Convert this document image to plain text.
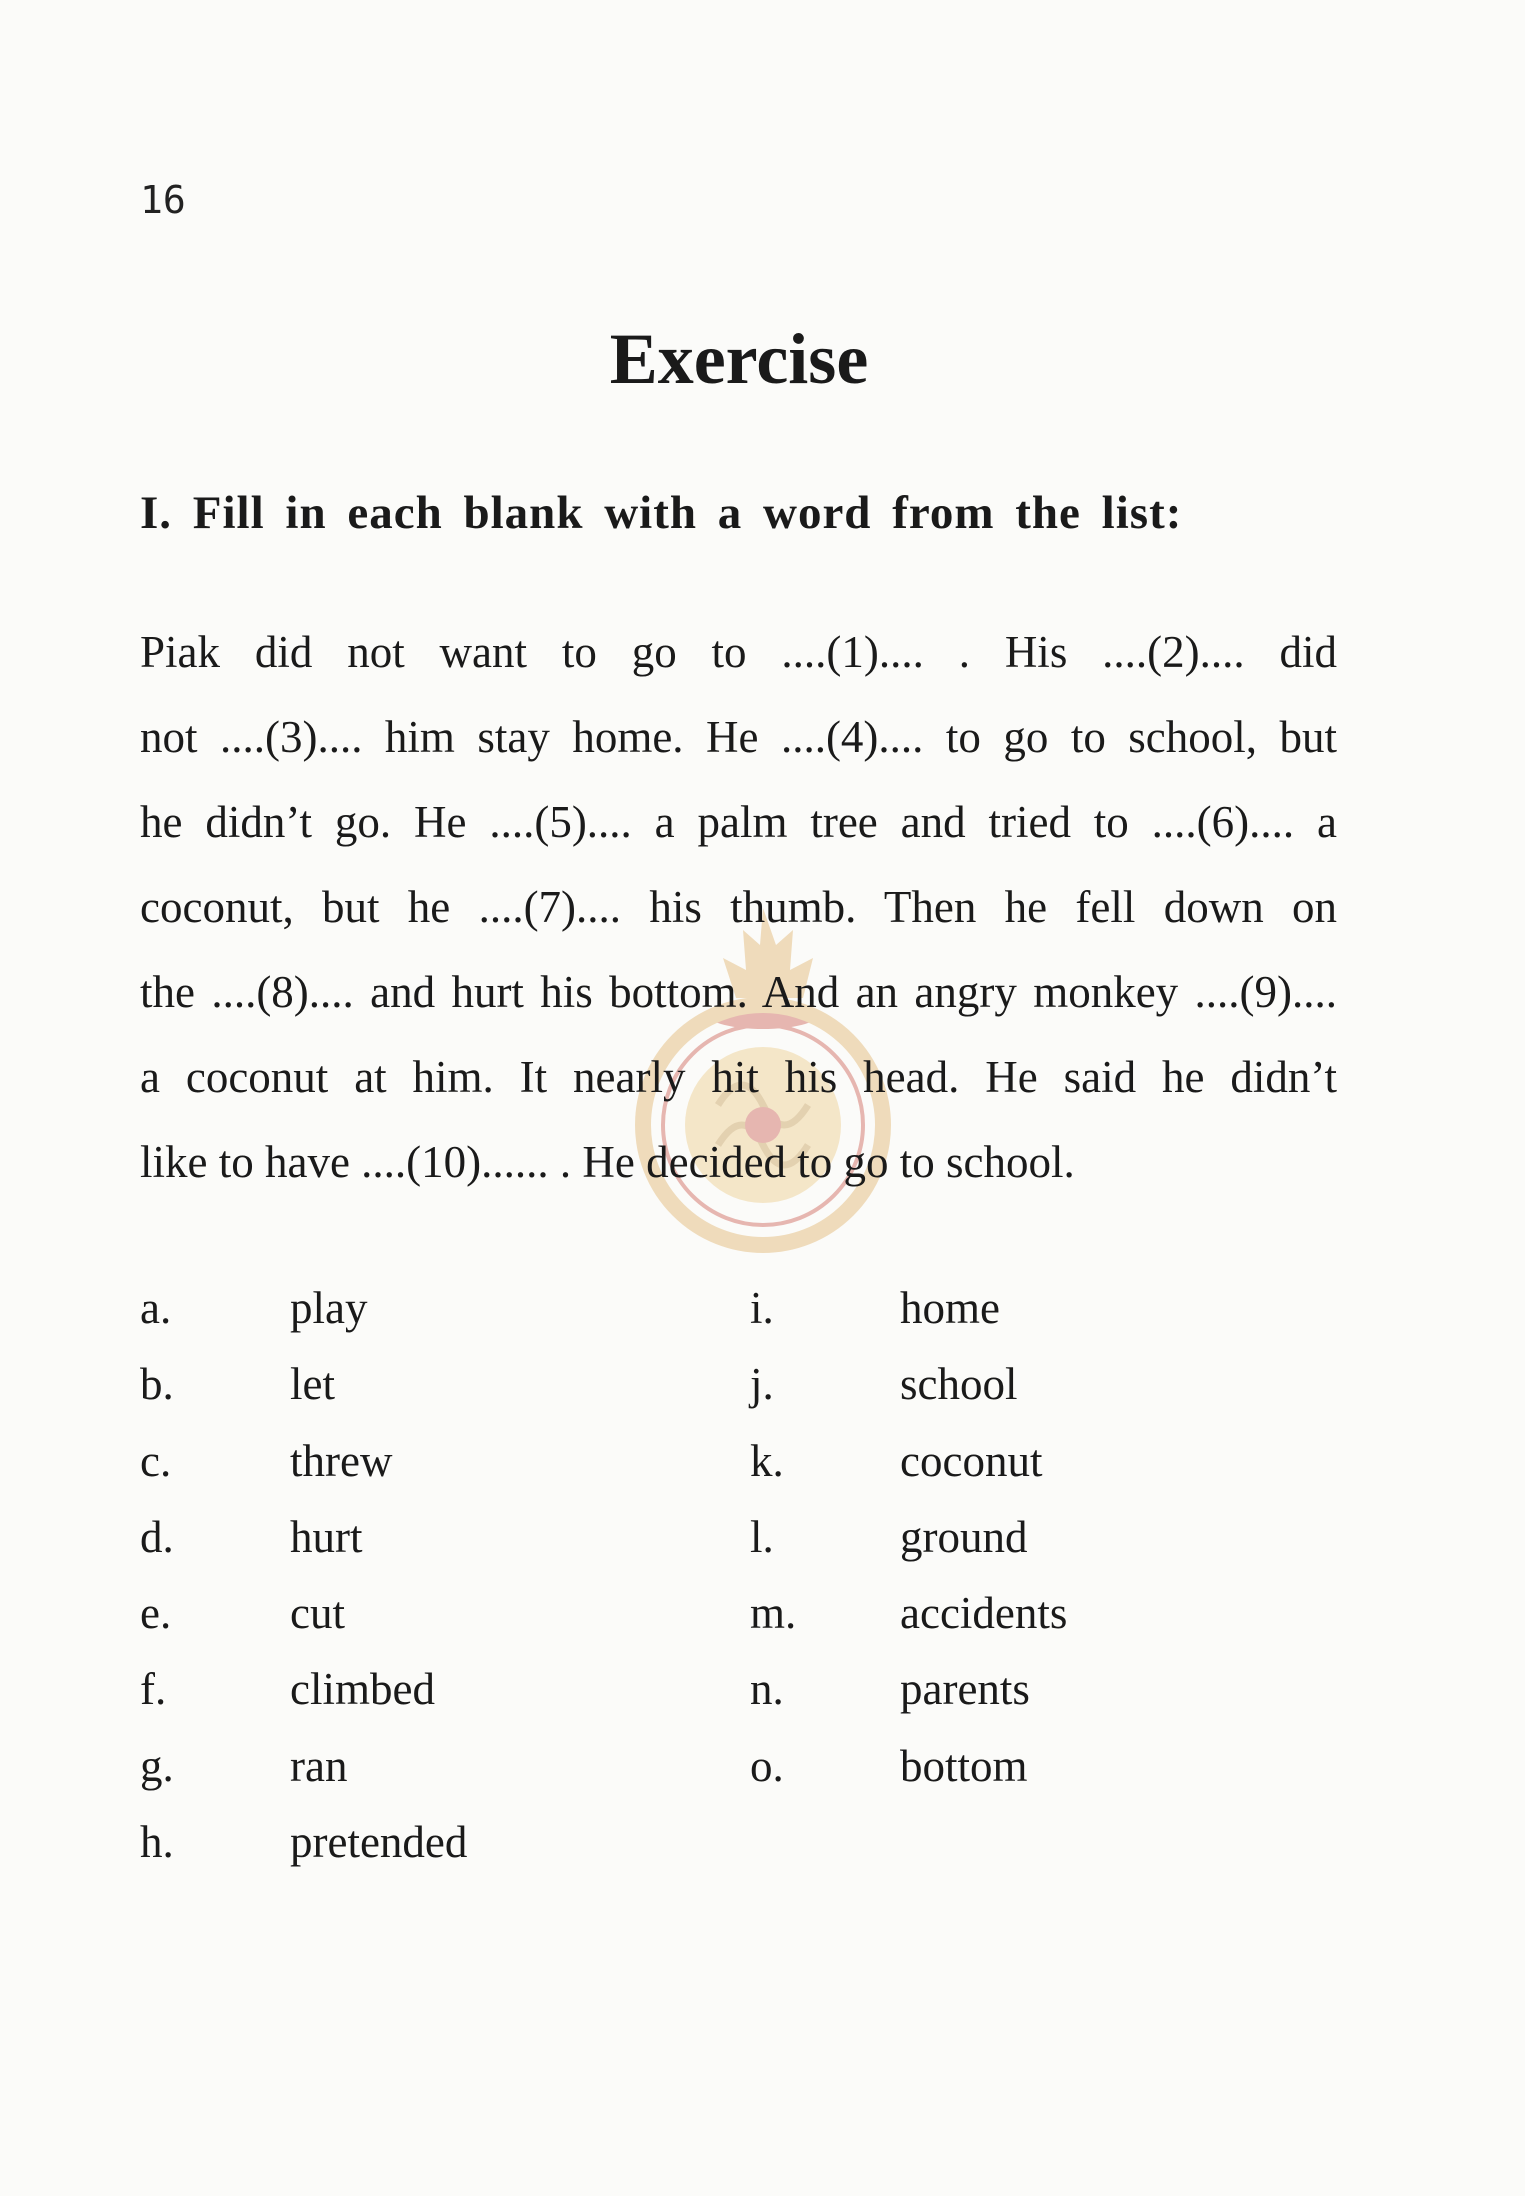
16
Exercise
I. Fill in each blank with a word from the list:
Piak did not want to go to ....(1).... . His ....(2).... did
not ....(3).... him stay home. He ....(4).... to go to school, but
he didn’t go. He ....(5).... a palm tree and tried to ....(6).... a
coconut, but he ....(7).... his thumb. Then he fell down on
the ....(8).... and hurt his bottom. And an angry monkey ....(9)....
a coconut at him. It nearly hit his head. He said he didn’t
like to have ....(10)...... . He decided to go to school.
a.	play
b.	let
c.	threw
d.	hurt
e.	cut
f.	climbed
g.	ran
h.	pretended
i.	home
j.	school
k.	coconut
l.	ground
m.	accidents
n.	parents
o.	bottom
